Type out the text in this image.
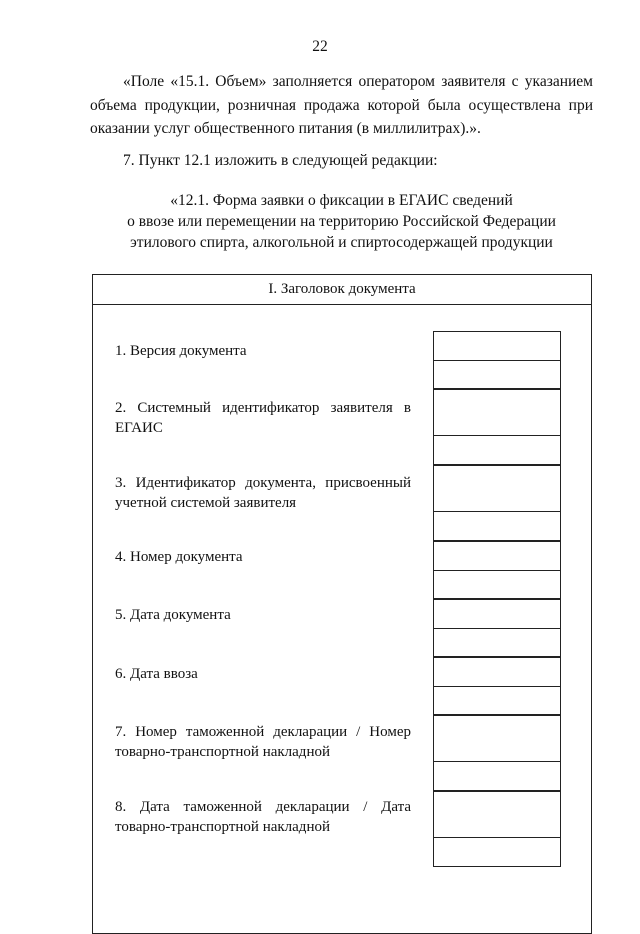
22
«Поле «15.1. Объем» заполняется оператором заявителя с указанием объема продукции, розничная продажа которой была осуществлена при оказании услуг общественного питания (в миллилитрах).».
7. Пункт 12.1 изложить в следующей редакции:
«12.1. Форма заявки о фиксации в ЕГАИС сведений
о ввозе или перемещении на территорию Российской Федерации
этилового спирта, алкогольной и спиртосодержащей продукции
I. Заголовок документа
1. Версия документа
2. Системный идентификатор заявителя в ЕГАИС
3. Идентификатор документа, присвоенный учетной системой заявителя
4. Номер документа
5. Дата документа
6. Дата ввоза
7. Номер таможенной декларации / Номер товарно-транспортной накладной
8. Дата таможенной декларации / Дата товарно-транспортной накладной
